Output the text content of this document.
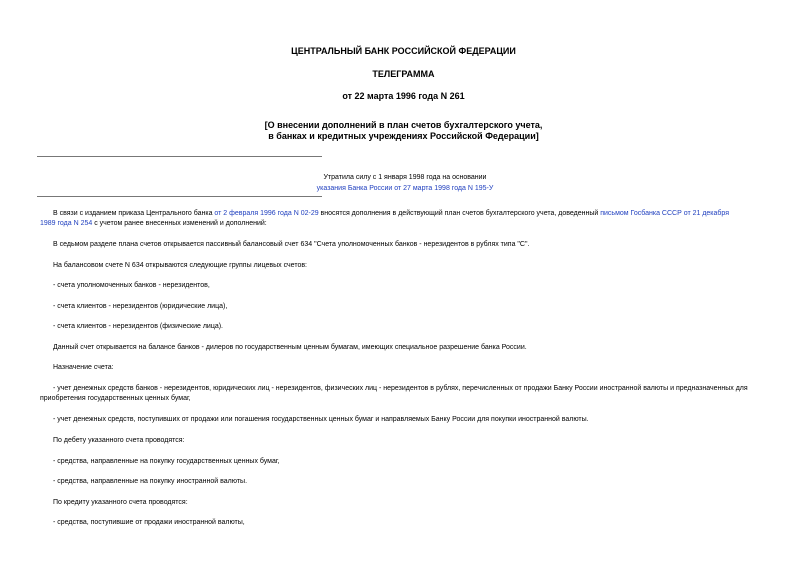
ЦЕНТРАЛЬНЫЙ БАНК РОССИЙСКОЙ ФЕДЕРАЦИИ
ТЕЛЕГРАММА
от 22 марта 1996 года N 261
[О внесении дополнений в план счетов бухгалтерского учета,
в банках и кредитных учреждениях Российской Федерации]
Утратила силу с 1 января 1998 года на основании
указания Банка России от 27 марта 1998 года N 195-У
В связи с изданием приказа Центрального банка от 2 февраля 1996 года N 02-29 вносятся дополнения в действующий план счетов бухгалтерского учета, доведенный письмом Госбанка СССР от 21 декабря
1989 года N 254 с учетом ранее внесенных изменений и дополнений:
В седьмом разделе плана счетов открывается пассивный балансовый счет 634 "Счета уполномоченных банков - нерезидентов в рублях типа "С".
На балансовом счете N 634 открываются следующие группы лицевых счетов:
- счета уполномоченных банков - нерезидентов,
- счета клиентов - нерезидентов (юридические лица),
- счета клиентов - нерезидентов (физические лица).
Данный счет открывается на балансе банков - дилеров по государственным ценным бумагам, имеющих специальное разрешение банка России.
Назначение счета:
- учет денежных средств банков - нерезидентов, юридических лиц - нерезидентов, физических лиц - нерезидентов в рублях, перечисленных от продажи Банку России иностранной валюты и предназначенных для
приобретения государственных ценных бумаг,
- учет денежных средств, поступивших от продажи или погашения государственных ценных бумаг и направляемых Банку России для покупки иностранной валюты.
По дебету указанного счета проводятся:
- средства, направленные на покупку государственных ценных бумаг,
- средства, направленные на покупку иностранной валюты.
По кредиту указанного счета проводятся:
- средства, поступившие от продажи иностранной валюты,
